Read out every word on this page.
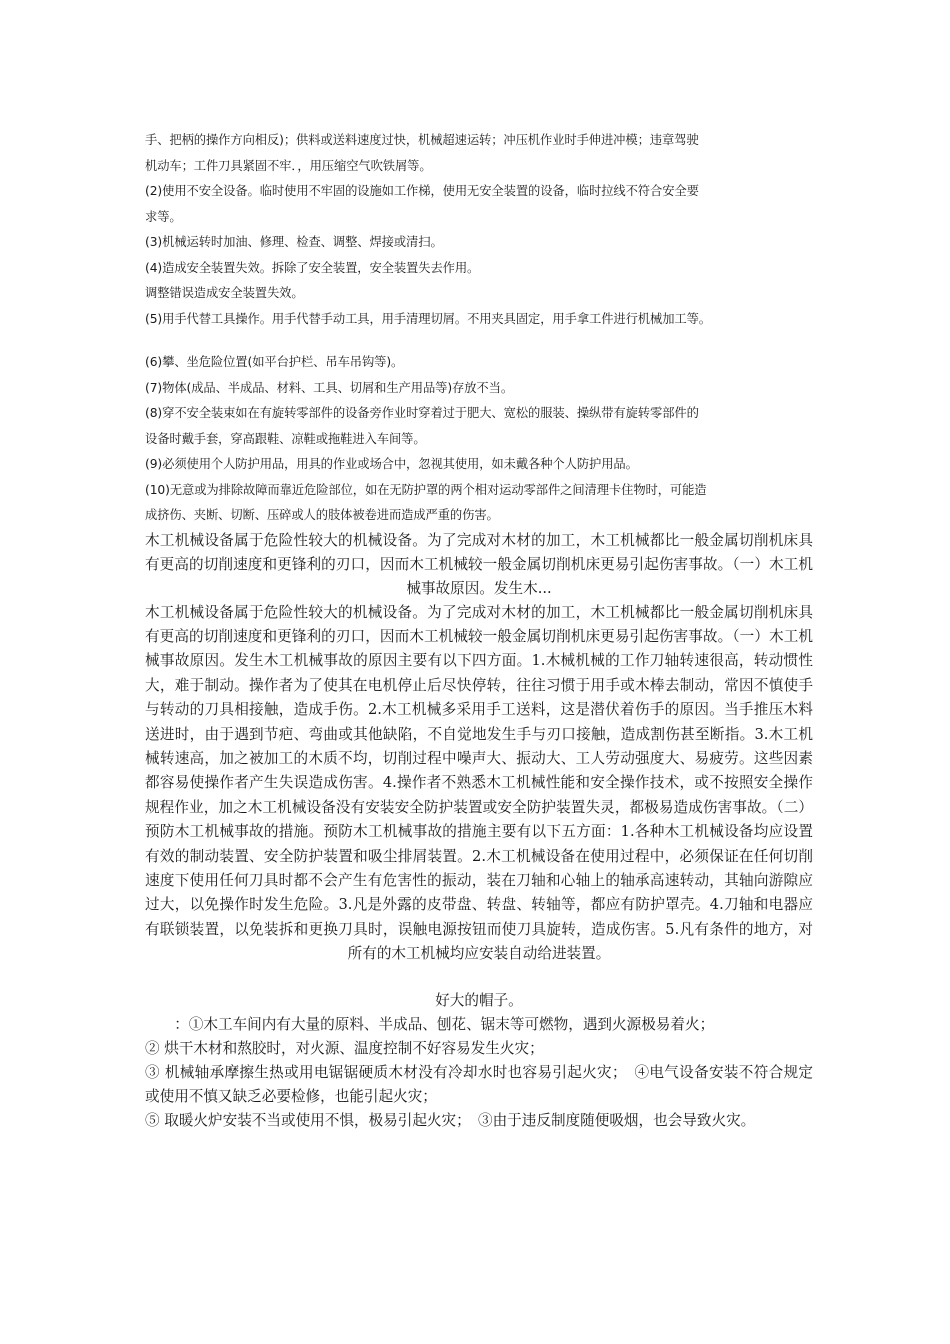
手、把柄的操作方向相反)；供料或送料速度过快，机械超速运转；冲压机作业时手伸进冲模；违章驾驶

机动车；工件刀具紧固不牢．，用压缩空气吹铁屑等。

(2)使用不安全设备。临时使用不牢固的设施如工作梯，使用无安全装置的设备，临时拉线不符合安全要

求等。

(3)机械运转时加油、修理、检查、调整、焊接或清扫。

(4)造成安全装置失效。拆除了安全装置，安全装置失去作用。

调整错误造成安全装置失效。

(5)用手代替工具操作。用手代替手动工具，用手清理切屑。不用夹具固定，用手拿工件进行机械加工等。

(6)攀、坐危险位置(如平台护栏、吊车吊钩等)。

(7)物体(成品、半成品、材料、工具、切屑和生产用品等)存放不当。

(8)穿不安全装束如在有旋转零部件的设备旁作业时穿着过于肥大、宽松的服装、操纵带有旋转零部件的

设备时戴手套，穿高跟鞋、凉鞋或拖鞋进入车间等。

(9)必须使用个人防护用品，用具的作业或场合中，忽视其使用，如未戴各种个人防护用品。

(10)无意或为排除故障而靠近危险部位，如在无防护罩的两个相对运动零部件之间清理卡住物时，可能造

成挤伤、夹断、切断、压碎或人的肢体被卷进而造成严重的伤害。

木工机械设备属于危险性较大的机械设备。为了完成对木材的加工，木工机械都比一般金属切削机床具有更高的切削速度和更锋利的刃口，因而木工机械较一般金属切削机床更易引起伤害事故。（一）木工机械事故原因。发生木...

木工机械设备属于危险性较大的机械设备。为了完成对木材的加工，木工机械都比一般金属切削机床具有更高的切削速度和更锋利的刃口，因而木工机械较一般金属切削机床更易引起伤害事故。（一）木工机械事故原因。发生木工机械事故的原因主要有以下四方面。1.木械机械的工作刀轴转速很高，转动惯性大，难于制动。操作者为了使其在电机停止后尽快停转，往往习惯于用手或木棒去制动，常因不慎使手与转动的刀具相接触，造成手伤。2.木工机械多采用手工送料，这是潜伏着伤手的原因。当手推压木料送进时，由于遇到节疤、弯曲或其他缺陷，不自觉地发生手与刃口接触，造成割伤甚至断指。3.木工机械转速高，加之被加工的木质不均，切削过程中噪声大、振动大、工人劳动强度大、易疲劳。这些因素都容易使操作者产生失误造成伤害。4.操作者不熟悉木工机械性能和安全操作技术，或不按照安全操作规程作业，加之木工机械设备没有安装安全防护装置或安全防护装置失灵，都极易造成伤害事故。（二）预防木工机械事故的措施。预防木工机械事故的措施主要有以下五方面：1.各种木工机械设备均应设置有效的制动装置、安全防护装置和吸尘排屑装置。2.木工机械设备在使用过程中，必须保证在任何切削速度下使用任何刀具时都不会产生有危害性的振动，装在刀轴和心轴上的轴承高速转动，其轴向游隙应过大，以免操作时发生危险。3.凡是外露的皮带盘、转盘、转轴等，都应有防护罩壳。4.刀轴和电器应有联锁装置，以免装拆和更换刀具时，误触电源按钮而使刀具旋转，造成伤害。5.凡有条件的地方，对所有的木工机械均应安装自动给进装置。

好大的帽子。

　　：①木工车间内有大量的原料、半成品、刨花、锯末等可燃物，遇到火源极易着火；

② 烘干木材和熬胶时，对火源、温度控制不好容易发生火灾；

③ 机械轴承摩擦生热或用电锯锯硬质木材没有冷却水时也容易引起火灾；　④电气设备安装不符合规定或使用不慎又缺乏必要检修，也能引起火灾；

⑤ 取暖火炉安装不当或使用不惧，极易引起火灾；　③由于违反制度随便吸烟，也会导致火灾。
